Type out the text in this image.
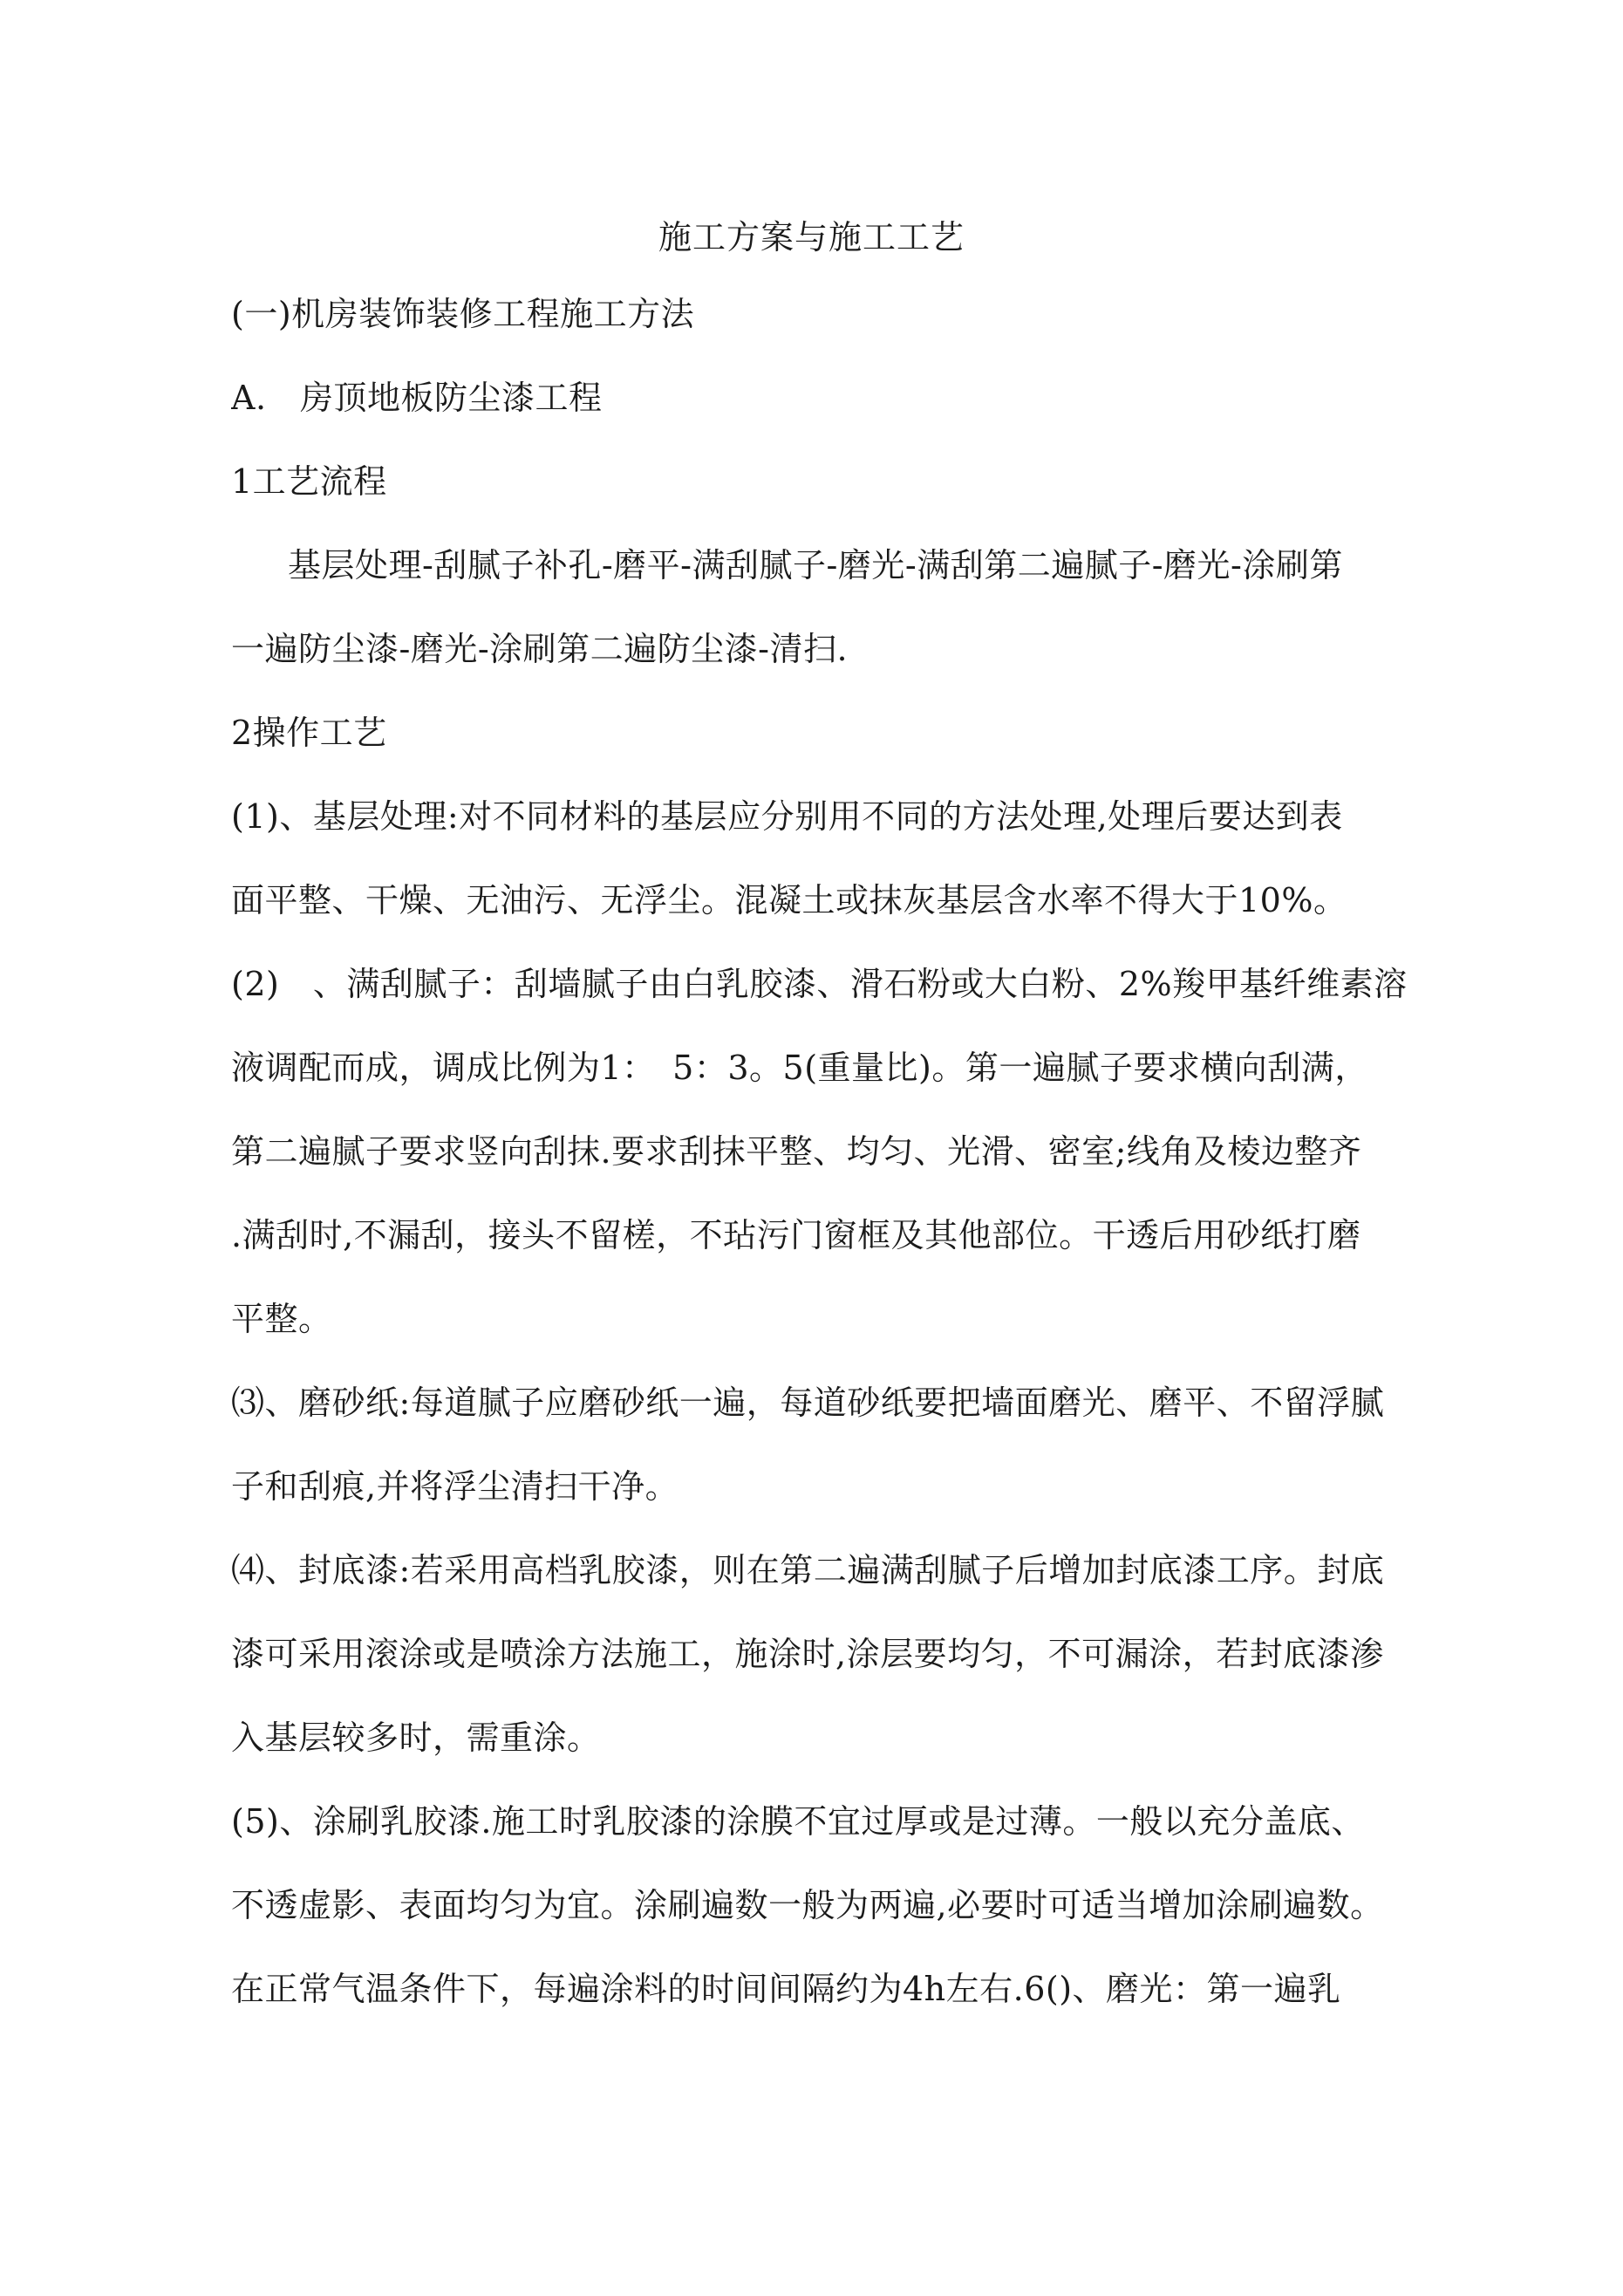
施工方案与施工工艺
(一)机房装饰装修工程施工方法
A.　房顶地板防尘漆工程
1工艺流程
基层处理-刮腻子补孔-磨平-满刮腻子-磨光-满刮第二遍腻子-磨光-涂刷第
一遍防尘漆-磨光-涂刷第二遍防尘漆-清扫.
2操作工艺
(1)、基层处理:对不同材料的基层应分别用不同的方法处理,处理后要达到表
面平整、干燥、无油污、无浮尘。混凝土或抹灰基层含水率不得大于10%。
(2)　、满刮腻子：刮墙腻子由白乳胶漆、滑石粉或大白粉、2%羧甲基纤维素溶
液调配而成，调成比例为1：　5：3。5(重量比)。第一遍腻子要求横向刮满，
第二遍腻子要求竖向刮抹.要求刮抹平整、均匀、光滑、密室;线角及棱边整齐
.满刮时,不漏刮，接头不留槎，不玷污门窗框及其他部位。干透后用砂纸打磨
平整。
⑶、磨砂纸:每道腻子应磨砂纸一遍，每道砂纸要把墙面磨光、磨平、不留浮腻
子和刮痕,并将浮尘清扫干净。
⑷、封底漆:若采用高档乳胶漆，则在第二遍满刮腻子后增加封底漆工序。封底
漆可采用滚涂或是喷涂方法施工，施涂时,涂层要均匀，不可漏涂，若封底漆渗
入基层较多时，需重涂。
(5)、涂刷乳胶漆.施工时乳胶漆的涂膜不宜过厚或是过薄。一般以充分盖底、
不透虚影、表面均匀为宜。涂刷遍数一般为两遍,必要时可适当增加涂刷遍数。
在正常气温条件下，每遍涂料的时间间隔约为4h左右.6()、磨光：第一遍乳
